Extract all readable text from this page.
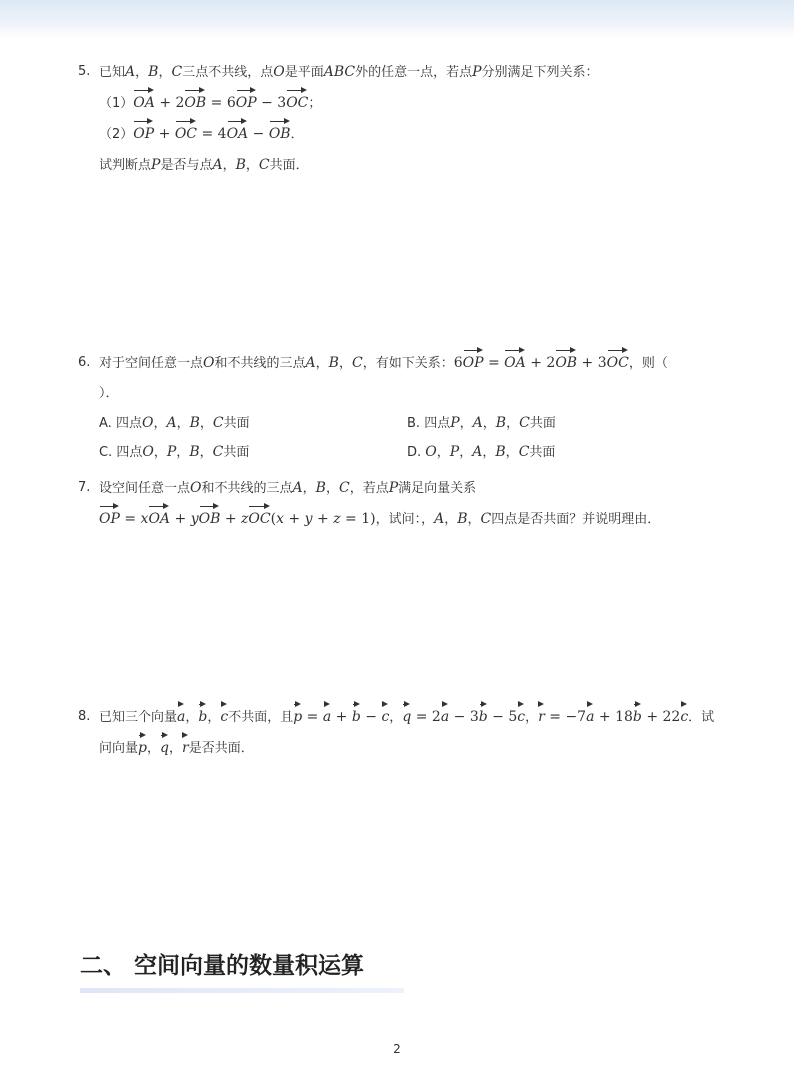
5. 已知A，B，C三点不共线，点O是平面ABC外的任意一点，若点P分别满足下列关系：
（1）OA + 2OB = 6OP − 3OC；
（2）OP + OC = 4OA − OB．
试判断点P是否与点A，B，C共面．
6. 对于空间任意一点O和不共线的三点A，B，C，有如下关系：6OP = OA + 2OB + 3OC，则（
）．
A. 四点O，A，B，C共面	B. 四点P，A，B，C共面
C. 四点O，P，B，C共面	D. O，P，A，B，C共面
7. 设空间任意一点O和不共线的三点A，B，C，若点P满足向量关系
OP = xOA + yOB + zOC(x + y + z = 1)，试问：，A，B，C四点是否共面？并说明理由．
8. 已知三个向量a，b，c不共面，且p = a + b − c，q = 2a − 3b − 5c，r = −7a + 18b + 22c．试
问向量p，q，r是否共面．
二、 空间向量的数量积运算
2
